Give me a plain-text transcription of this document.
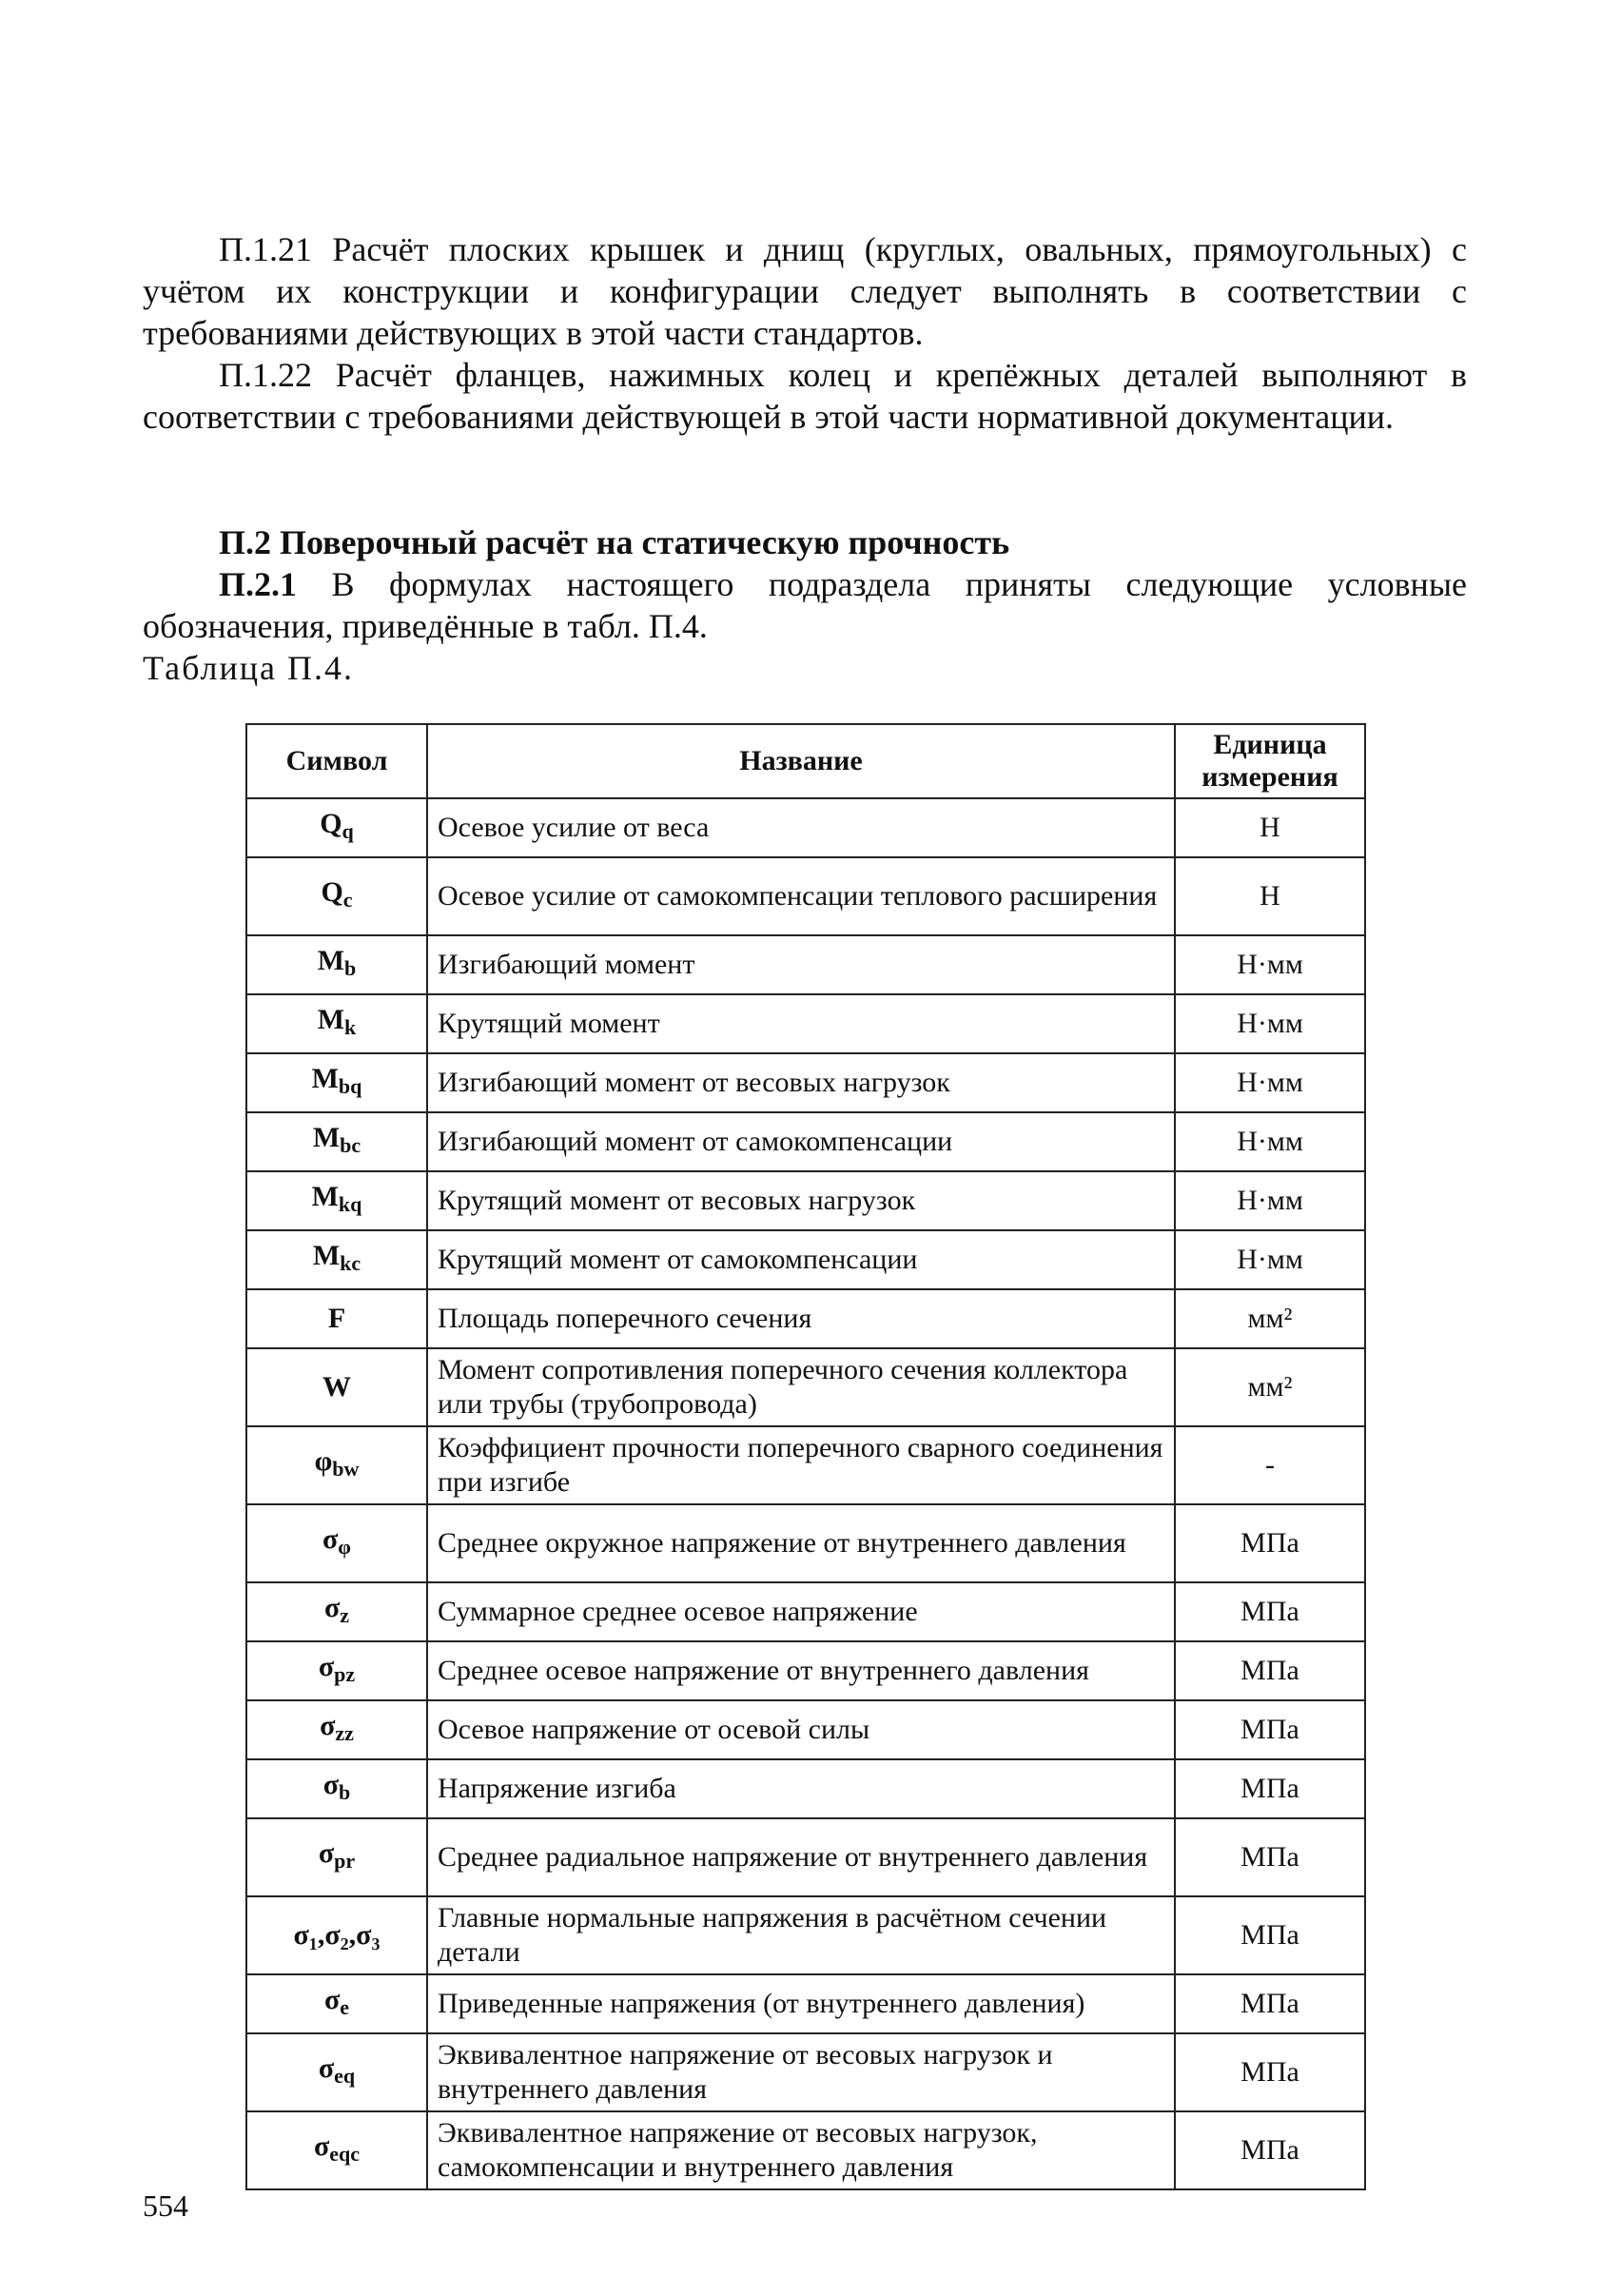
П.1.21 Расчёт плоских крышек и днищ (круглых, овальных, прямоугольных) с учётом их конструкции и конфигурации следует выполнять в соответствии с требованиями действующих в этой части стандартов.

П.1.22 Расчёт фланцев, нажимных колец и крепёжных деталей выполняют в соответствии с требованиями действующей в этой части нормативной документации.

П.2 Поверочный расчёт на статическую прочность

П.2.1 В формулах настоящего подраздела приняты следующие условные обозначения, приведённые в табл. П.4.

Таблица П.4.

Символ	Название	Единица измерения
$Q_q$	Осевое усилие от веса	Н
$Q_c$	Осевое усилие от самокомпенсации теплового расширения	Н
$M_b$	Изгибающий момент	Н·мм
$M_k$	Крутящий момент	Н·мм
$M_{bq}$	Изгибающий момент от весовых нагрузок	Н·мм
$M_{bc}$	Изгибающий момент от самокомпенсации	Н·мм
$M_{kq}$	Крутящий момент от весовых нагрузок	Н·мм
$M_{kc}$	Крутящий момент от самокомпенсации	Н·мм
F	Площадь поперечного сечения	мм²
W	Момент сопротивления поперечного сечения коллектора или трубы (трубопровода)	мм²
$\varphi_{bw}$	Коэффициент прочности поперечного сварного соединения при изгибе	-
$\sigma_\varphi$	Среднее окружное напряжение от внутреннего давления	МПа
$\sigma_z$	Суммарное среднее осевое напряжение	МПа
$\sigma_{pz}$	Среднее осевое напряжение от внутреннего давления	МПа
$\sigma_{zz}$	Осевое напряжение от осевой силы	МПа
$\sigma_b$	Напряжение изгиба	МПа
$\sigma_{pr}$	Среднее радиальное напряжение от внутреннего давления	МПа
σ₁,σ₂,σ₃	Главные нормальные напряжения в расчётном сечении детали	МПа
$\sigma_e$	Приведенные напряжения (от внутреннего давления)	МПа
$\sigma_{eq}$	Эквивалентное напряжение от весовых нагрузок и внутреннего давления	МПа
$\sigma_{eqc}$	Эквивалентное напряжение от весовых нагрузок, самокомпенсации и внутреннего давления	МПа

554
